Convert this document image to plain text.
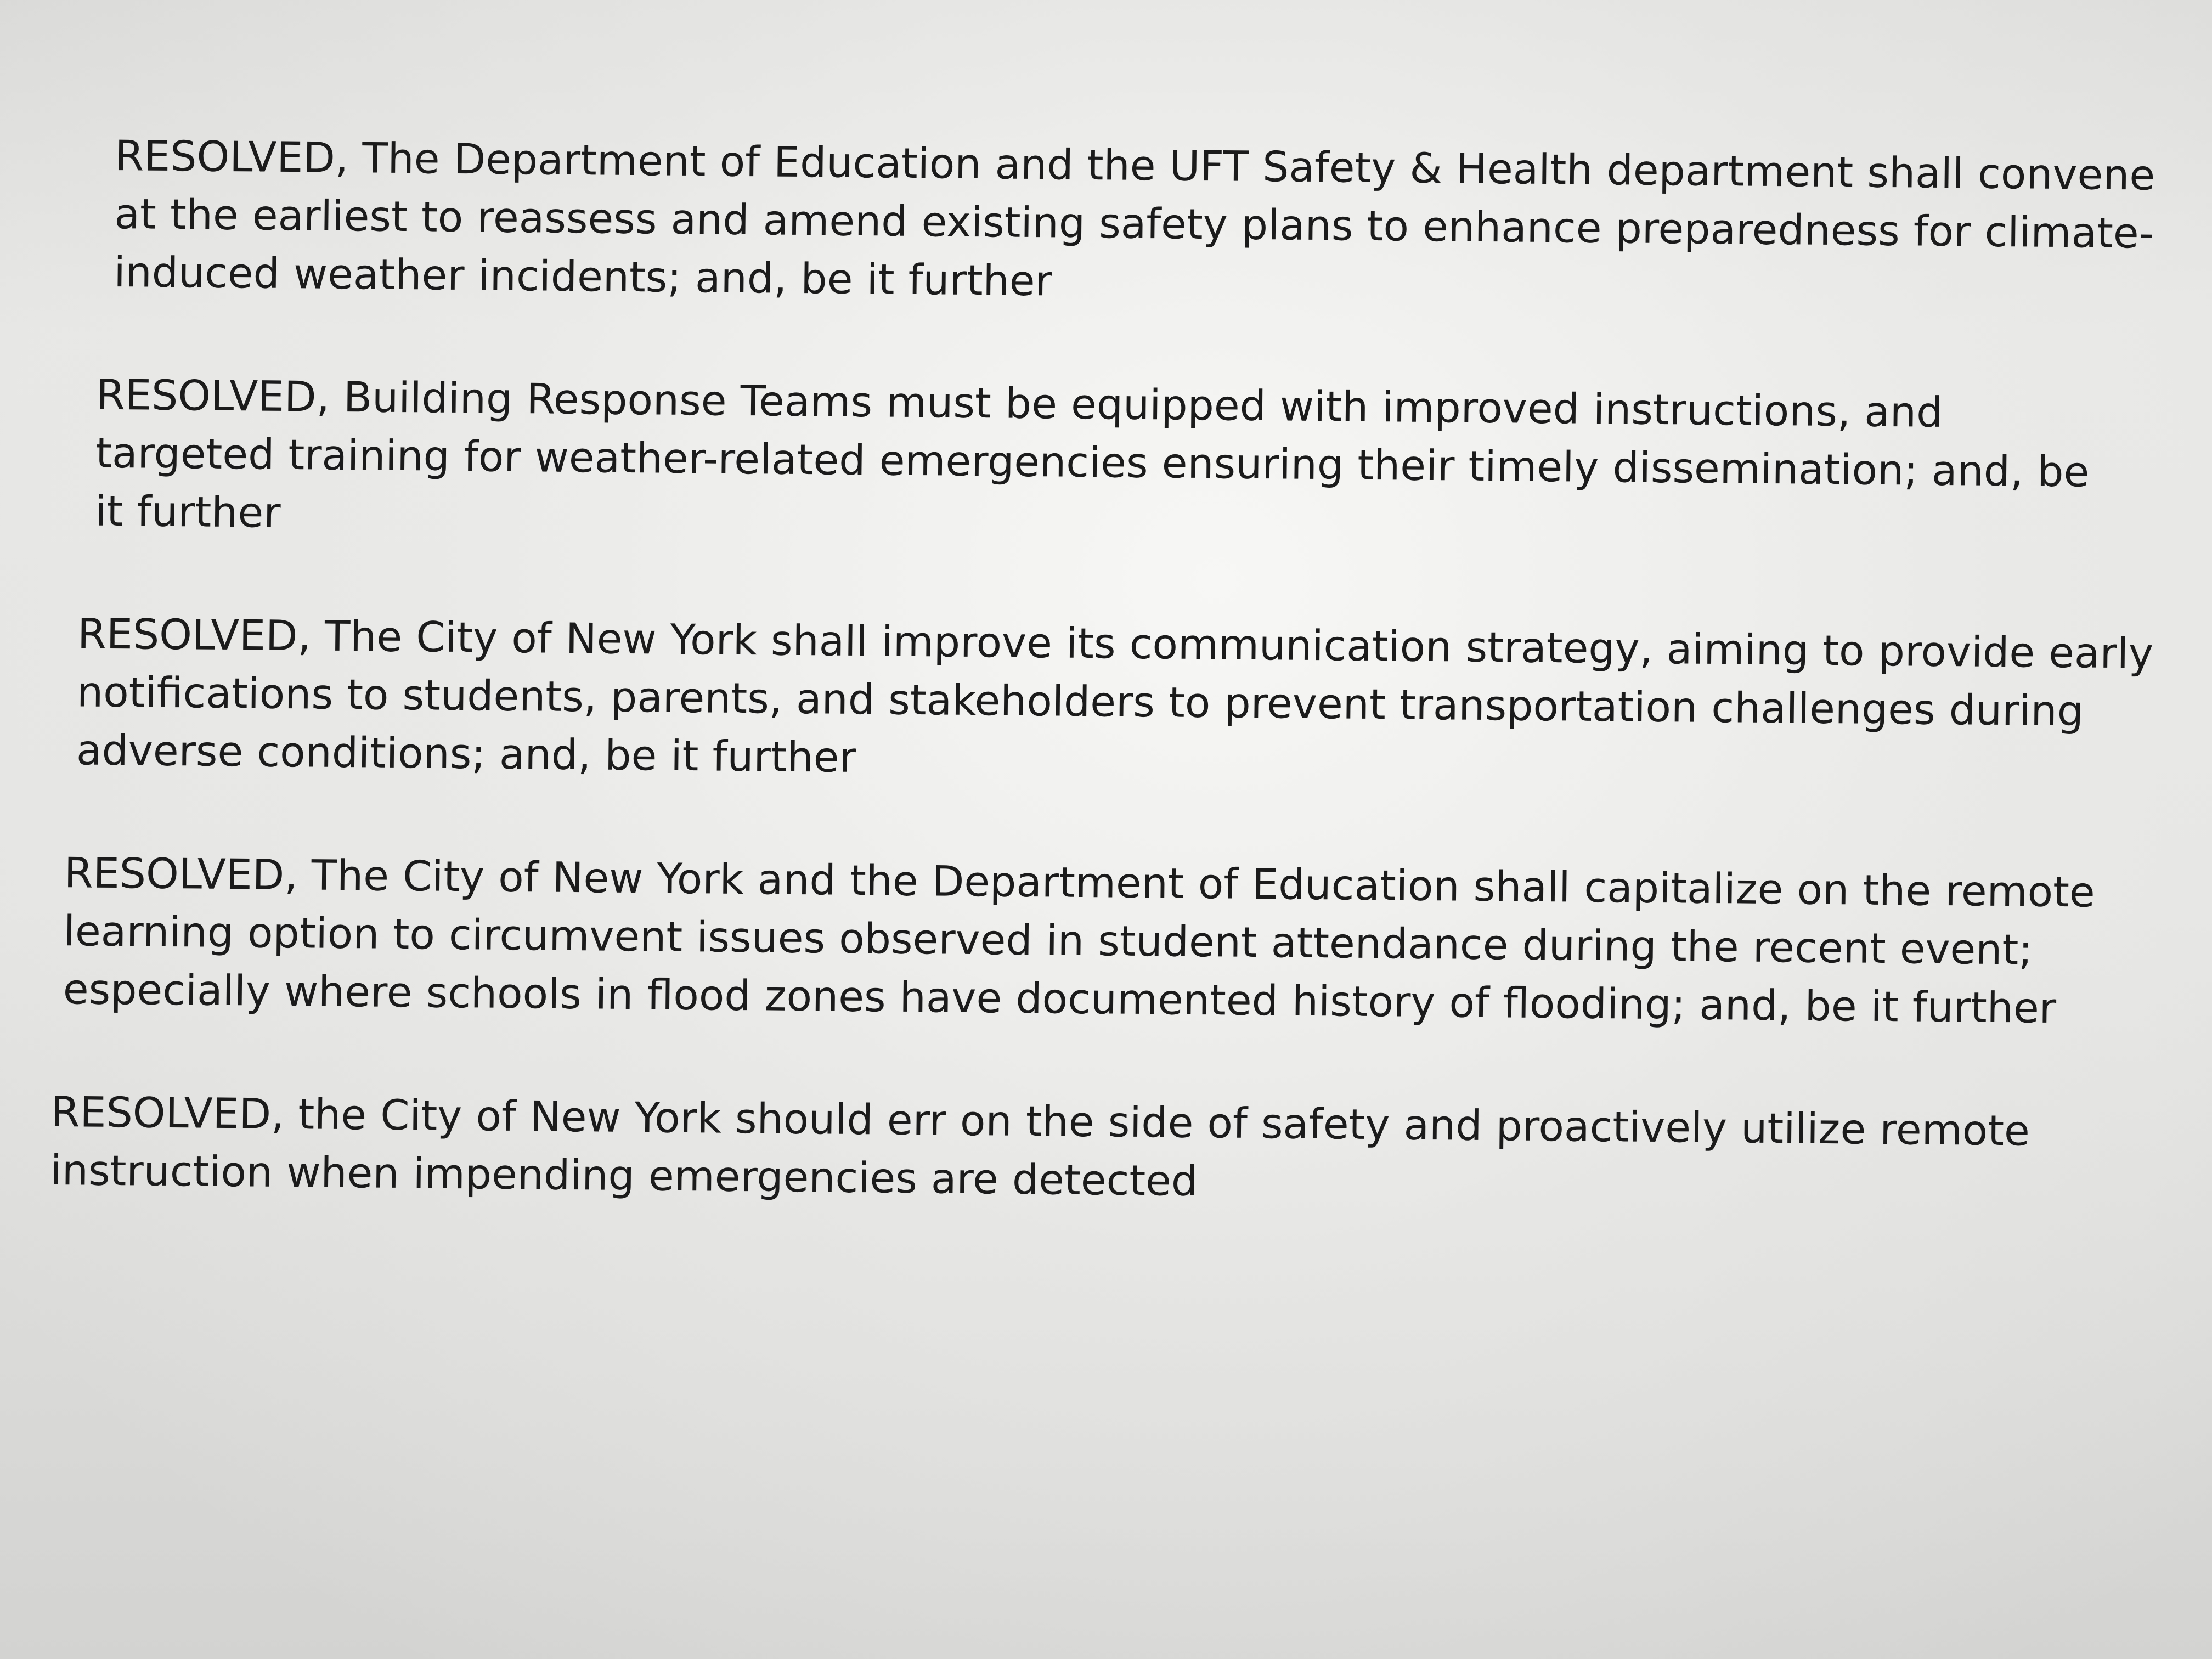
RESOLVED, The Department of Education and the UFT Safety & Health department shall convene at the earliest to reassess and amend existing safety plans to enhance preparedness for climate-induced weather incidents; and, be it further

RESOLVED, Building Response Teams must be equipped with improved instructions, and targeted training for weather-related emergencies ensuring their timely dissemination; and, be it further

RESOLVED, The City of New York shall improve its communication strategy, aiming to provide early notifications to students, parents, and stakeholders to prevent transportation challenges during adverse conditions; and, be it further

RESOLVED, The City of New York and the Department of Education shall capitalize on the remote learning option to circumvent issues observed in student attendance during the recent event; especially where schools in flood zones have documented history of flooding; and, be it further

RESOLVED, the City of New York should err on the side of safety and proactively utilize remote instruction when impending emergencies are detected
